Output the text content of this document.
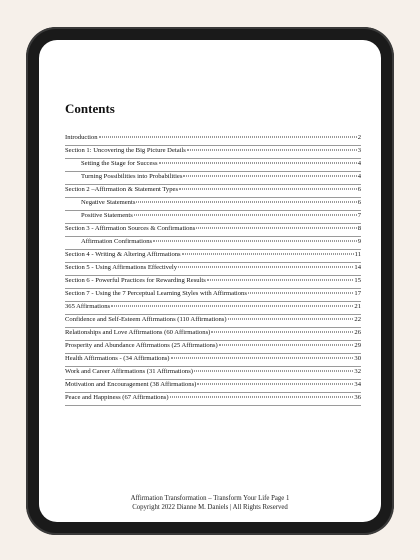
Contents
Introduction	2
Section 1: Uncovering the Big Picture Details	3
Setting the Stage for Success	4
Turning Possibilities into Probabilities	4
Section 2 –Affirmation & Statement Types	6
Negative Statements	6
Positive Statements	7
Section 3 - Affirmation Sources & Confirmations	8
Affirmation Confirmations	9
Section 4 - Writing & Altering Affirmations	11
Section 5 - Using Affirmations Effectively	14
Section 6 - Powerful Practices for Rewarding Results	15
Section 7 - Using the 7 Perceptual Learning Styles with Affirmations	17
365 Affirmations	21
Confidence and Self-Esteem Affirmations (110 Affirmations)	22
Relationships and Love Affirmations (60 Affirmations)	26
Prosperity and Abundance Affirmations (25 Affirmations)	29
Health Affirmations - (34 Affirmations)	30
Work and Career Affirmations (31 Affirmations)	32
Motivation and Encouragement (38 Affirmations)	34
Peace and Happiness (67 Affirmations)	36
Affirmation Transformation – Transform Your Life Page 1
Copyright 2022 Dianne M. Daniels | All Rights Reserved
